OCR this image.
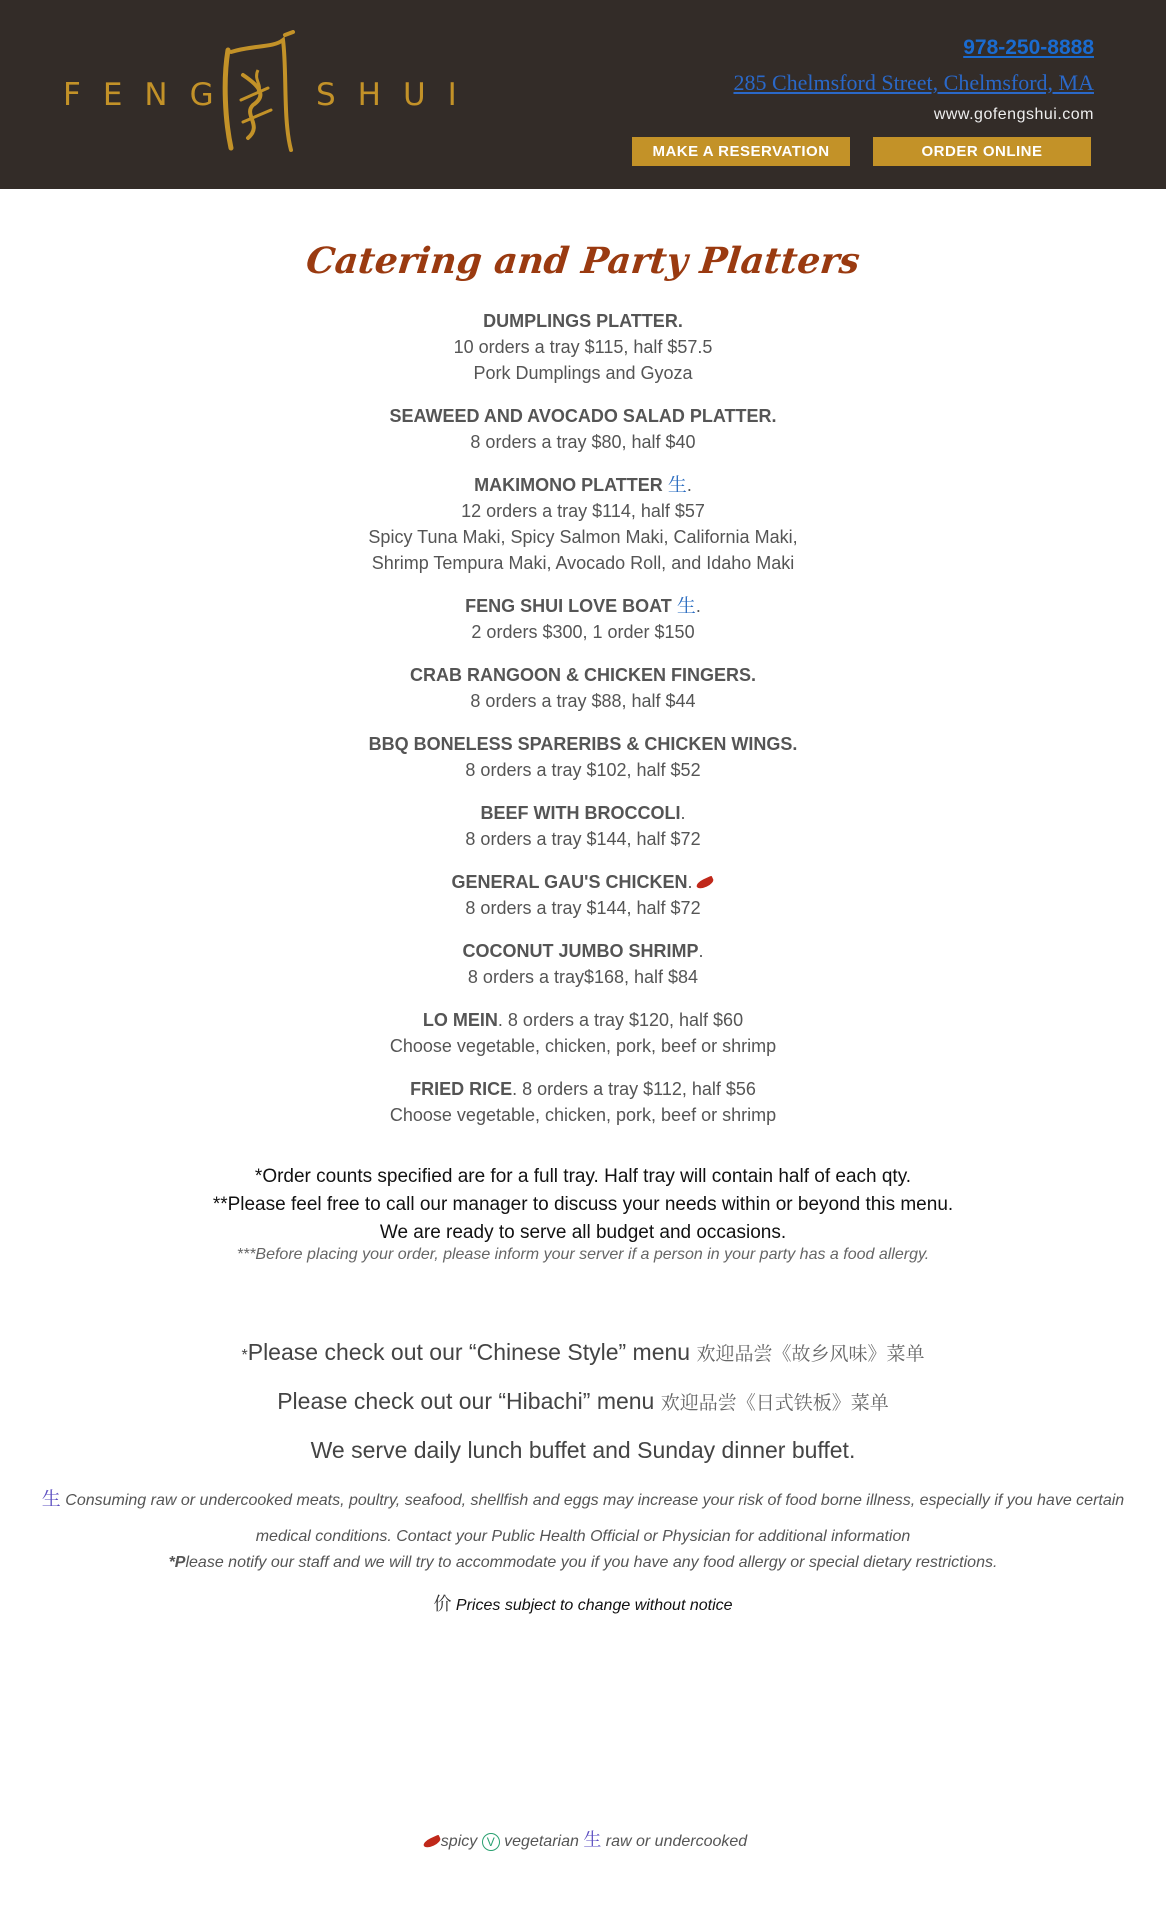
FENG	SHUI
978-250-8888
285 Chelmsford Street, Chelmsford, MA
www.gofengshui.com
MAKE A RESERVATION	ORDER ONLINE
Catering and Party Platters
DUMPLINGS PLATTER.
10 orders a tray $115, half $57.5
Pork Dumplings and Gyoza
SEAWEED AND AVOCADO SALAD PLATTER.
8 orders a tray $80, half $40
MAKIMONO PLATTER 生.
12 orders a tray $114, half $57
Spicy Tuna Maki, Spicy Salmon Maki, California Maki,
Shrimp Tempura Maki, Avocado Roll, and Idaho Maki
FENG SHUI LOVE BOAT 生.
2 orders $300, 1 order $150
CRAB RANGOON & CHICKEN FINGERS.
8 orders a tray $88, half $44
BBQ BONELESS SPARERIBS & CHICKEN WINGS.
8 orders a tray $102, half $52
BEEF WITH BROCCOLI.
8 orders a tray $144, half $72
GENERAL GAU'S CHICKEN.
8 orders a tray $144, half $72
COCONUT JUMBO SHRIMP.
8 orders a tray$168, half $84
LO MEIN. 8 orders a tray $120, half $60
Choose vegetable, chicken, pork, beef or shrimp
FRIED RICE. 8 orders a tray $112, half $56
Choose vegetable, chicken, pork, beef or shrimp
*Order counts specified are for a full tray. Half tray will contain half of each qty.
**Please feel free to call our manager to discuss your needs within or beyond this menu.
We are ready to serve all budget and occasions.
***Before placing your order, please inform your server if a person in your party has a food allergy.
*Please check out our “Chinese Style” menu 欢迎品尝《故乡风味》菜单
Please check out our “Hibachi” menu 欢迎品尝《日式铁板》菜单
We serve daily lunch buffet and Sunday dinner buffet.
生 Consuming raw or undercooked meats, poultry, seafood, shellfish and eggs may increase your risk of food borne illness, especially if you have certain medical conditions. Contact your Public Health Official or Physician for additional information
*Please notify our staff and we will try to accommodate you if you have any food allergy or special dietary restrictions.
价 Prices subject to change without notice
spicy V vegetarian 生 raw or undercooked
